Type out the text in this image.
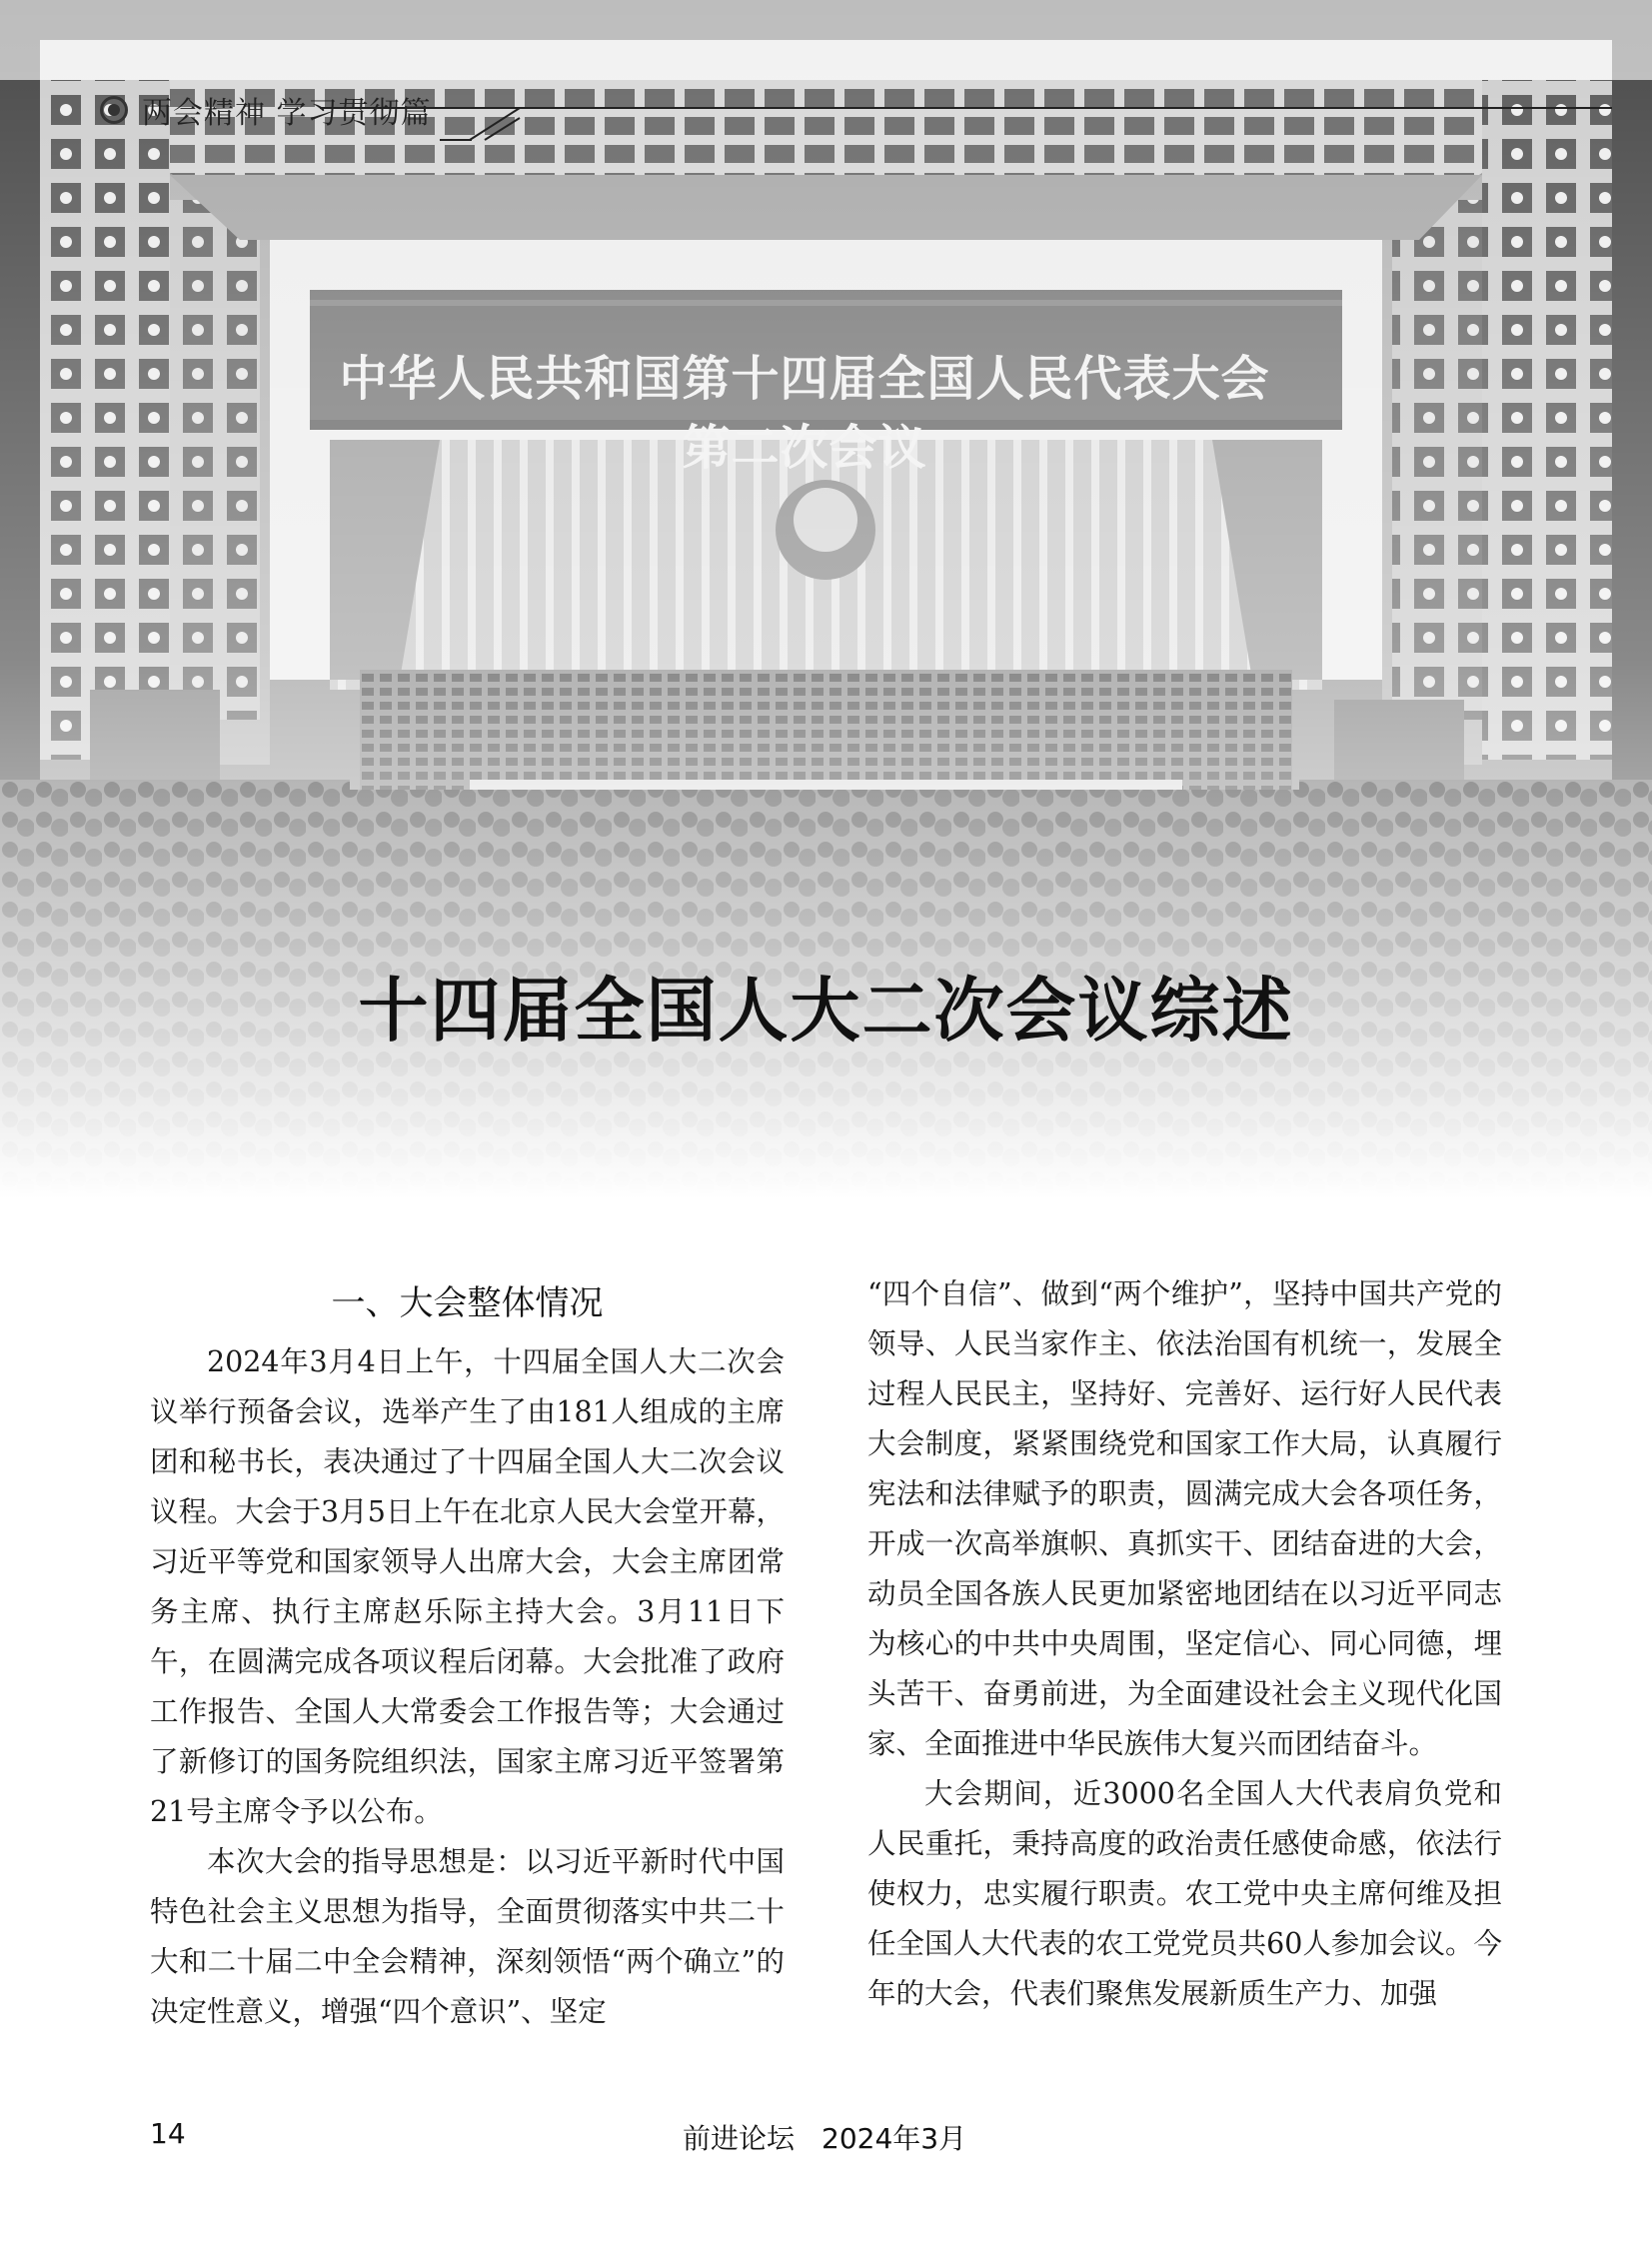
两会精神 学习贯彻篇
中华人民共和国第十四届全国人民代表大会第二次会议
十四届全国人大二次会议综述
一、大会整体情况

2024年3月4日上午，十四届全国人大二次会议举行预备会议，选举产生了由181人组成的主席团和秘书长，表决通过了十四届全国人大二次会议议程。大会于3月5日上午在北京人民大会堂开幕，习近平等党和国家领导人出席大会，大会主席团常务主席、执行主席赵乐际主持大会。3月11日下午，在圆满完成各项议程后闭幕。大会批准了政府工作报告、全国人大常委会工作报告等；大会通过了新修订的国务院组织法，国家主席习近平签署第21号主席令予以公布。

本次大会的指导思想是：以习近平新时代中国特色社会主义思想为指导，全面贯彻落实中共二十大和二十届二中全会精神，深刻领悟“两个确立”的决定性意义，增强“四个意识”、坚定

“四个自信”、做到“两个维护”，坚持中国共产党的领导、人民当家作主、依法治国有机统一，发展全过程人民民主，坚持好、完善好、运行好人民代表大会制度，紧紧围绕党和国家工作大局，认真履行宪法和法律赋予的职责，圆满完成大会各项任务，开成一次高举旗帜、真抓实干、团结奋进的大会，动员全国各族人民更加紧密地团结在以习近平同志为核心的中共中央周围，坚定信心、同心同德，埋头苦干、奋勇前进，为全面建设社会主义现代化国家、全面推进中华民族伟大复兴而团结奋斗。

大会期间，近3000名全国人大代表肩负党和人民重托，秉持高度的政治责任感使命感，依法行使权力，忠实履行职责。农工党中央主席何维及担任全国人大代表的农工党党员共60人参加会议。今年的大会，代表们聚焦发展新质生产力、加强

14	前进论坛 2024年3月
